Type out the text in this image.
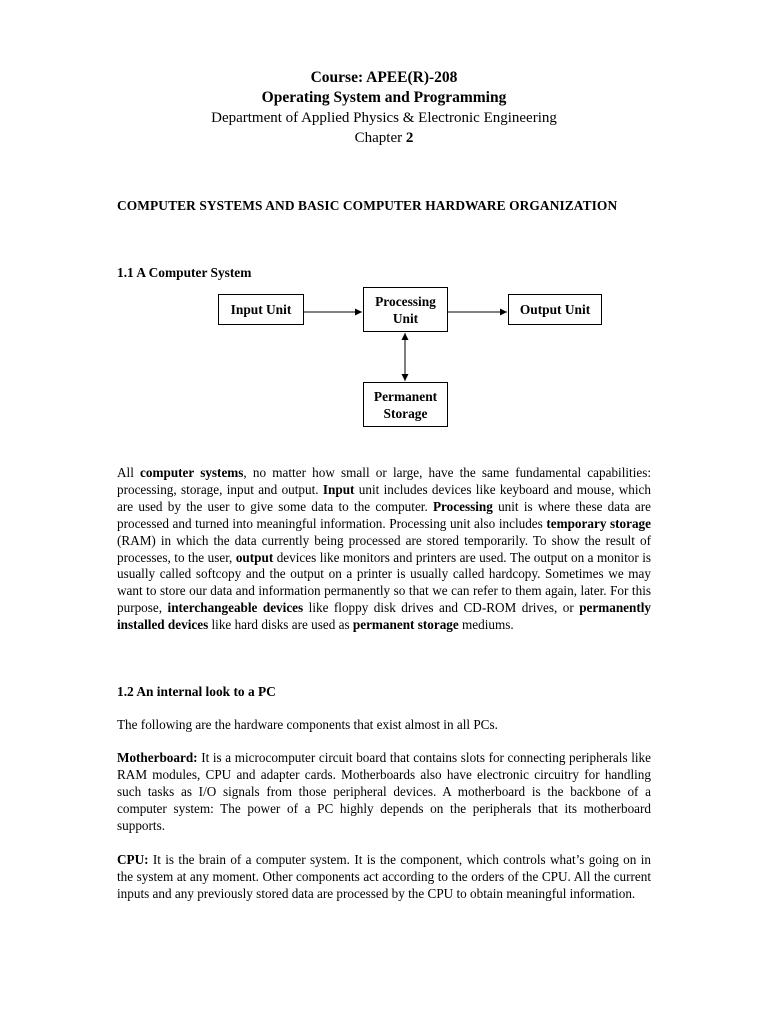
Course: APEE(R)-208
Operating System and Programming
Department of Applied Physics & Electronic Engineering
Chapter 2
COMPUTER SYSTEMS AND BASIC COMPUTER HARDWARE ORGANIZATION
1.1 A Computer System
Input Unit
Processing
Unit
Output Unit
Permanent
Storage

All computer systems, no matter how small or large, have the same fundamental capabilities: processing, storage, input and output. Input unit includes devices like keyboard and mouse, which are used by the user to give some data to the computer. Processing unit is where these data are processed and turned into meaningful information. Processing unit also includes temporary storage (RAM) in which the data currently being processed are stored temporarily. To show the result of processes, to the user, output devices like monitors and printers are used. The output on a monitor is usually called softcopy and the output on a printer is usually called hardcopy. Sometimes we may want to store our data and information permanently so that we can refer to them again, later. For this purpose, interchangeable devices like floppy disk drives and CD-ROM drives, or permanently installed devices like hard disks are used as permanent storage mediums.

1.2 An internal look to a PC

The following are the hardware components that exist almost in all PCs.

Motherboard: It is a microcomputer circuit board that contains slots for connecting peripherals like RAM modules, CPU and adapter cards. Motherboards also have electronic circuitry for handling such tasks as I/O signals from those peripheral devices. A motherboard is the backbone of a computer system: The power of a PC highly depends on the peripherals that its motherboard supports.

CPU: It is the brain of a computer system. It is the component, which controls what’s going on in the system at any moment. Other components act according to the orders of the CPU. All the current inputs and any previously stored data are processed by the CPU to obtain meaningful information.
